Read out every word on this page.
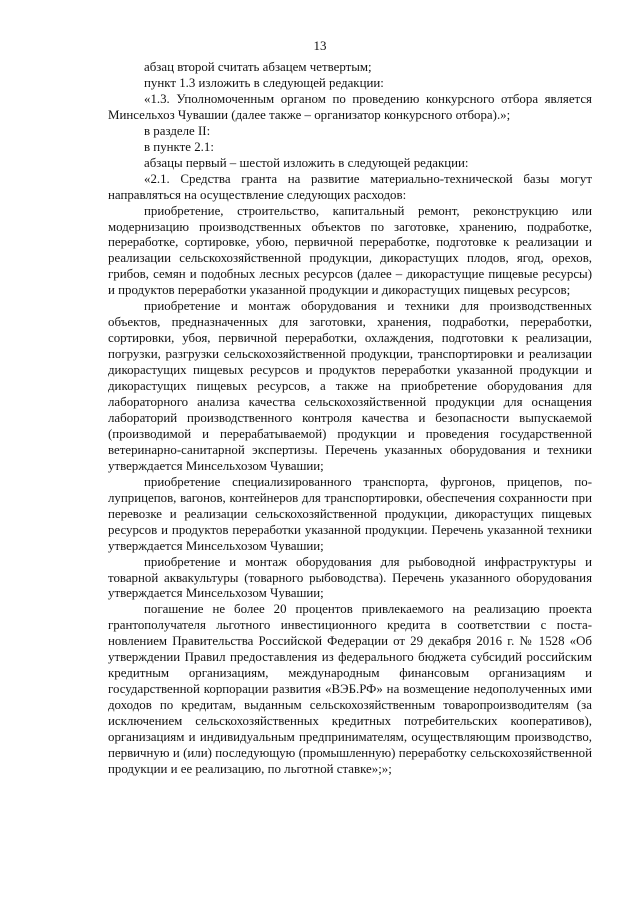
13

абзац второй считать абзацем четвертым;

пункт 1.3 изложить в следующей редакции:

«1.3. Уполномоченным органом по проведению конкурсного отбора является Минсельхоз Чувашии (далее также – организатор конкурсного отбора).»;

в разделе II:

в пункте 2.1:

абзацы первый – шестой изложить в следующей редакции:

«2.1. Средства гранта на развитие материально-технической базы могут направляться на осуществление следующих расходов:

приобретение, строительство, капитальный ремонт, реконструкцию или модернизацию производственных объектов по заготовке, хранению, подработке, переработке, сортировке, убою, первичной переработке, подготовке к реализации и реализации сельскохозяйственной продукции, дикорастущих плодов, ягод, орехов, грибов, семян и подобных лесных ресурсов (далее – дикорастущие пищевые ресурсы) и продуктов переработки указанной продукции и дикорастущих пищевых ресурсов;

приобретение и монтаж оборудования и техники для производственных объектов, предназначенных для заготовки, хранения, подработки, переработки, сортировки, убоя, первичной переработки, охлаждения, подготовки к реализации, погрузки, разгрузки сельскохозяйственной продукции, транспортировки и реализации дикорастущих пищевых ресурсов и продуктов переработки указанной продукции и дикорастущих пищевых ресурсов, а также на приобретение оборудования для лабораторного анализа качества сельскохозяйственной продукции для оснащения лабораторий производственного контроля качества и безопасности выпускаемой (производимой и перерабатываемой) продукции и проведения государственной ветеринарно-санитарной экспертизы. Перечень указанных оборудования и техники утверждается Минсельхозом Чувашии;

приобретение специализированного транспорта, фургонов, прицепов, полуприцепов, вагонов, контейнеров для транспортировки, обеспечения сохранности при перевозке и реализации сельскохозяйственной продукции, дикорастущих пищевых ресурсов и продуктов переработки указанной продукции. Перечень указанной техники утверждается Минсельхозом Чувашии;

приобретение и монтаж оборудования для рыбоводной инфраструктуры и товарной аквакультуры (товарного рыбоводства). Перечень указанного оборудования утверждается Минсельхозом Чувашии;

погашение не более 20 процентов привлекаемого на реализацию проекта грантополучателя льготного инвестиционного кредита в соответствии с постановлением Правительства Российской Федерации от 29 декабря 2016 г. № 1528 «Об утверждении Правил предоставления из федерального бюджета субсидий российским кредитным организациям, международным финансовым организациям и государственной корпорации развития «ВЭБ.РФ» на возмещение недополученных ими доходов по кредитам, выданным сельскохозяйственным товаропроизводителям (за исключением сельскохозяйственных кредитных потребительских кооперативов), организациям и индивидуальным предпринимателям, осуществляющим производство, первичную и (или) последующую (промышленную) переработку сельскохозяйственной продукции и ее реализацию, по льготной ставке»;»;
